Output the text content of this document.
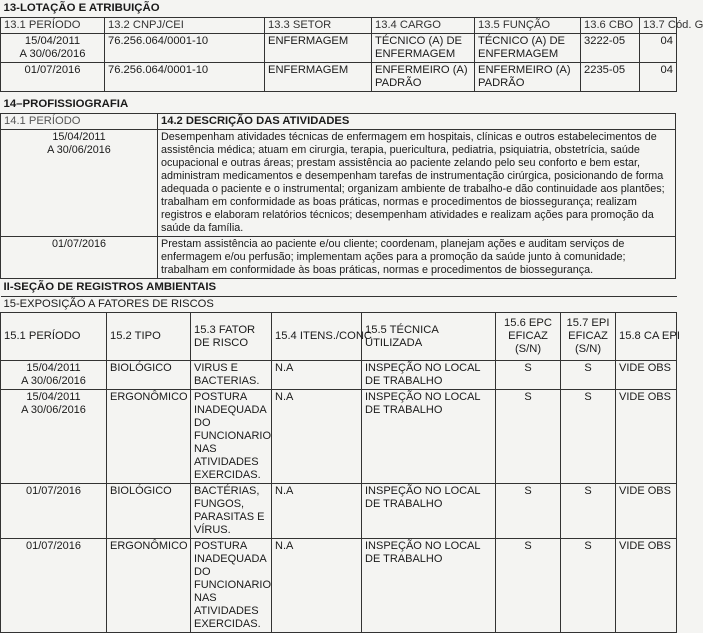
13-LOTAÇÃO E ATRIBUIÇÃO						
13.1 PERÍODO	13.2 CNPJ/CEI	13.3 SETOR	13.4 CARGO	13.5 FUNÇÃO	13.6 CBO	13.7 Cód. G
15/04/2011
A 30/06/2016	76.256.064/0001-10	ENFERMAGEM	TÉCNICO (A) DE ENFERMAGEM	TÉCNICO (A) DE ENFERMAGEM	3222-05	04
01/07/2016	76.256.064/0001-10	ENFERMAGEM	ENFERMEIRO (A) PADRÃO	ENFERMEIRO (A) PADRÃO	2235-05	04
14–PROFISSIOGRAFIA	
14.1 PERÍODO	14.2 DESCRIÇÃO DAS ATIVIDADES
15/04/2011
A 30/06/2016	Desempenham atividades técnicas de enfermagem em hospitais, clínicas e outros estabelecimentos de assistência médica; atuam em cirurgia, terapia, puericultura, pediatria, psiquiatria, obstetrícia, saúde ocupacional e outras áreas; prestam assistência ao paciente zelando pelo seu conforto e bem estar, administram medicamentos e desempenham tarefas de instrumentação cirúrgica, posicionando de forma adequada o paciente e o instrumental; organizam ambiente de trabalho-e dão continuidade aos plantões; trabalham em conformidade as boas práticas, normas e procedimentos de biossegurança; realizam registros e elaboram relatórios técnicos; desempenham atividades e realizam ações para promoção da saúde da família.
01/07/2016	Prestam assistência ao paciente e/ou cliente; coordenam, planejam ações e auditam serviços de enfermagem e/ou perfusão; implementam ações para a promoção da saúde junto à comunidade; trabalham em conformidade às boas práticas, normas e procedimentos de biossegurança.
II-SEÇÃO DE REGISTROS AMBIENTAIS							
15-EXPOSIÇÃO A FATORES DE RISCOS							
15.1 PERÍODO	15.2 TIPO	15.3 FATOR DE RISCO	15.4 ITENS./CONC	15.5 TÉCNICA UTILIZADA	15.6 EPC EFICAZ (S/N)	15.7 EPI EFICAZ (S/N)	15.8 CA EPI
15/04/2011
A 30/06/2016	BIOLÓGICO	VIRUS E BACTERIAS.	N.A	INSPEÇÃO NO LOCAL DE TRABALHO	S	S	VIDE OBS
15/04/2011
A 30/06/2016	ERGONÔMICO	POSTURA INADEQUADA DO FUNCIONARIO NAS ATIVIDADES EXERCIDAS.	N.A	INSPEÇÃO NO LOCAL DE TRABALHO	S	S	VIDE OBS
01/07/2016	BIOLÓGICO	BACTÉRIAS, FUNGOS, PARASITAS E VÍRUS.	N.A	INSPEÇÃO NO LOCAL DE TRABALHO	S	S	VIDE OBS
01/07/2016	ERGONÔMICO	POSTURA INADEQUADA DO FUNCIONARIO NAS ATIVIDADES EXERCIDAS.	N.A	INSPEÇÃO NO LOCAL DE TRABALHO	S	S	VIDE OBS
